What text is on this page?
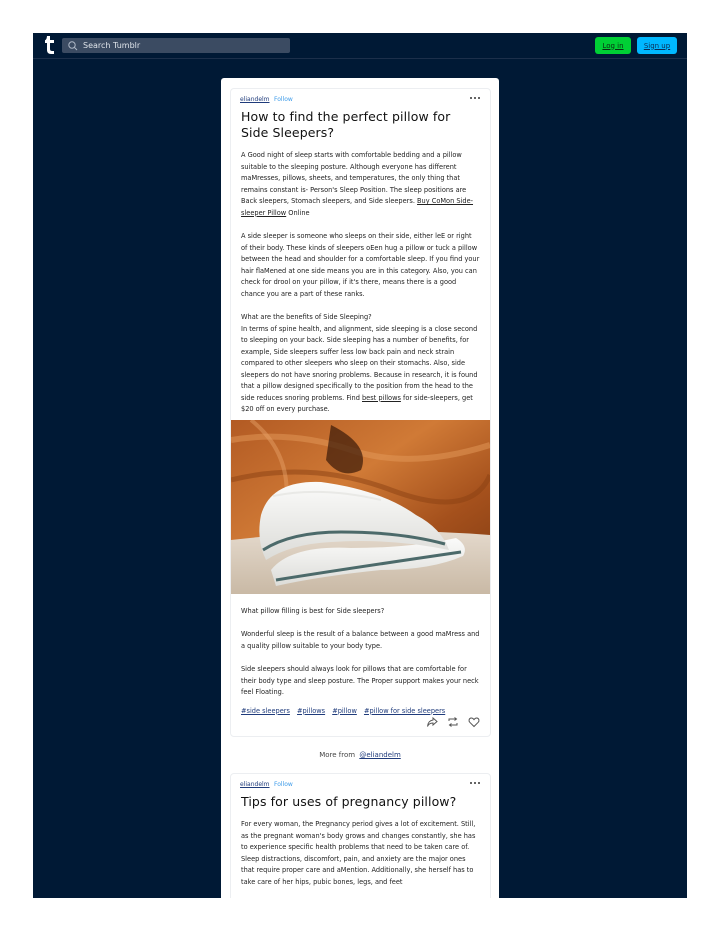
Search Tumblr
Log in	Sign up
eliandelm Follow
How to find the perfect pillow for Side Sleepers?

A Good night of sleep starts with comfortable bedding and a pillow suitable to the sleeping posture. Although everyone has different maMresses, pillows, sheets, and temperatures, the only thing that remains constant is- Person's Sleep Position. The sleep positions are Back sleepers, Stomach sleepers, and Side sleepers. Buy CoMon Side-sleeper Pillow Online

A side sleeper is someone who sleeps on their side, either leE or right of their body. These kinds of sleepers oEen hug a pillow or tuck a pillow between the head and shoulder for a comfortable sleep. If you find your hair flaMened at one side means you are in this category. Also, you can check for drool on your pillow, if it's there, means there is a good chance you are a part of these ranks.

What are the benefits of Side Sleeping?

In terms of spine health, and alignment, side sleeping is a close second to sleeping on your back. Side sleeping has a number of benefits, for example, Side sleepers suffer less low back pain and neck strain compared to other sleepers who sleep on their stomachs. Also, side sleepers do not have snoring problems. Because in research, it is found that a pillow designed specifically to the position from the head to the side reduces snoring problems. Find best pillows for side-sleepers, get $20 off on every purchase.

What pillow filling is best for Side sleepers?

Wonderful sleep is the result of a balance between a good maMress and a quality pillow suitable to your body type.

Side sleepers should always look for pillows that are comfortable for their body type and sleep posture. The Proper support makes your neck feel Floating.

#side sleepers #pillows #pillow #pillow for side sleepers
More from @eliandelm
eliandelm Follow
Tips for uses of pregnancy pillow?

For every woman, the Pregnancy period gives a lot of excitement. Still, as the pregnant woman's body grows and changes constantly, she has to experience specific health problems that need to be taken care of. Sleep distractions, discomfort, pain, and anxiety are the major ones that require proper care and aMention. Additionally, she herself has to take care of her hips, pubic bones, legs, and feet
